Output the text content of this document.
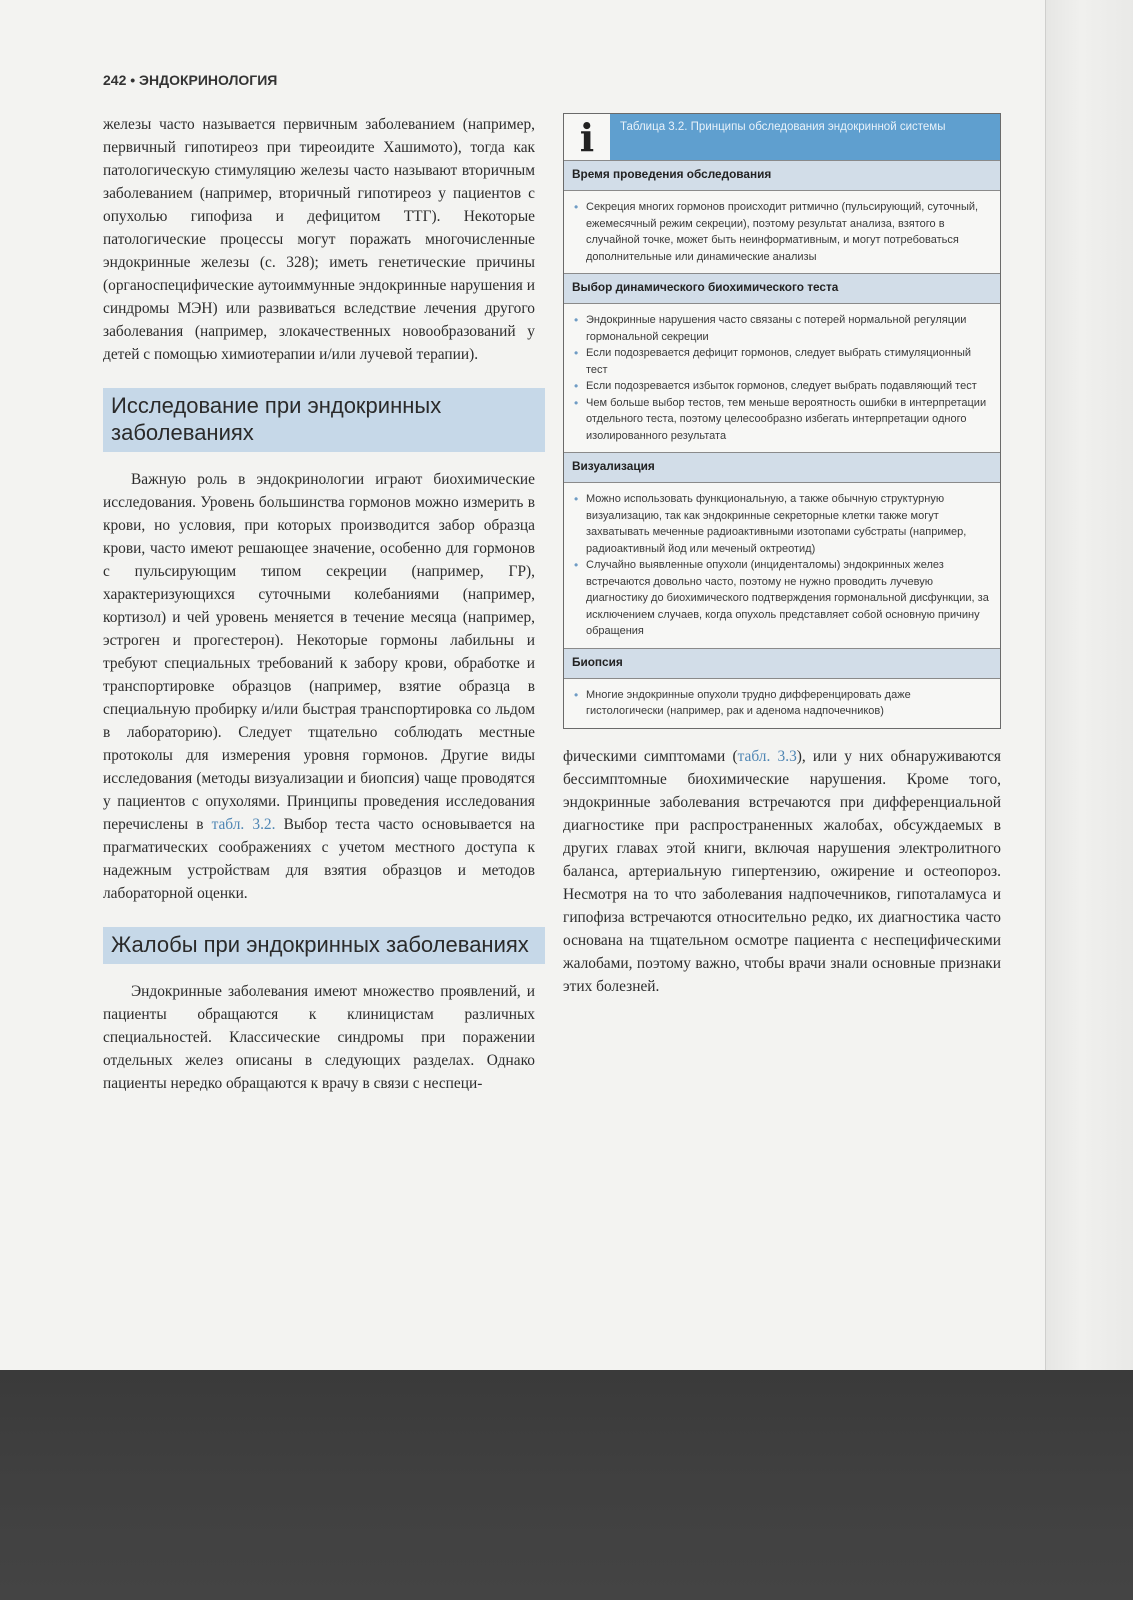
242 • ЭНДОКРИНОЛОГИЯ

железы часто называется первичным заболеванием (например, первичный гипотиреоз при тиреоидите Хашимото), тогда как патологическую стимуляцию железы часто называют вторичным заболеванием (например, вторичный гипотиреоз у пациентов с опухолью гипофиза и дефицитом ТТГ). Некоторые патологические процессы могут поражать многочисленные эндокринные железы (с. 328); иметь генетические причины (органоспецифические аутоиммунные эндокринные нарушения и синдромы МЭН) или развиваться вследствие лечения другого заболевания (например, злокачественных новообразований у детей с помощью химиотерапии и/или лучевой терапии).

Исследование при эндокринных заболеваниях

Важную роль в эндокринологии играют биохимические исследования. Уровень большинства гормонов можно измерить в крови, но условия, при которых производится забор образца крови, часто имеют решающее значение, особенно для гормонов с пульсирующим типом секреции (например, ГР), характеризующихся суточными колебаниями (например, кортизол) и чей уровень меняется в течение месяца (например, эстроген и прогестерон). Некоторые гормоны лабильны и требуют специальных требований к забору крови, обработке и транспортировке образцов (например, взятие образца в специальную пробирку и/или быстрая транспортировка со льдом в лабораторию). Следует тщательно соблюдать местные протоколы для измерения уровня гормонов. Другие виды исследования (методы визуализации и биопсия) чаще проводятся у пациентов с опухолями. Принципы проведения исследования перечислены в табл. 3.2. Выбор теста часто основывается на прагматических соображениях с учетом местного доступа к надежным устройствам для взятия образцов и методов лабораторной оценки.

Жалобы при эндокринных заболеваниях

Эндокринные заболевания имеют множество проявлений, и пациенты обращаются к клиницистам различных специальностей. Классические синдромы при поражении отдельных желез описаны в следующих разделах. Однако пациенты нередко обращаются к врачу в связи с неспеци-

i	Таблица 3.2. Принципы обследования эндокринной системы
Время проведения обследования
• Секреция многих гормонов происходит ритмично (пульсирующий, суточный, ежемесячный режим секреции), поэтому результат анализа, взятого в случайной точке, может быть неинформативным, и могут потребоваться дополнительные или динамические анализы
Выбор динамического биохимического теста
• Эндокринные нарушения часто связаны с потерей нормальной регуляции гормональной секреции
• Если подозревается дефицит гормонов, следует выбрать стимуляционный тест
• Если подозревается избыток гормонов, следует выбрать подавляющий тест
• Чем больше выбор тестов, тем меньше вероятность ошибки в интерпретации отдельного теста, поэтому целесообразно избегать интерпретации одного изолированного результата
Визуализация
• Можно использовать функциональную, а также обычную структурную визуализацию, так как эндокринные секреторные клетки также могут захватывать меченные радиоактивными изотопами субстраты (например, радиоактивный йод или меченый октреотид)
• Случайно выявленные опухоли (инциденталомы) эндокринных желез встречаются довольно часто, поэтому не нужно проводить лучевую диагностику до биохимического подтверждения гормональной дисфункции, за исключением случаев, когда опухоль представляет собой основную причину обращения
Биопсия
• Многие эндокринные опухоли трудно дифференцировать даже гистологически (например, рак и аденома надпочечников)

фическими симптомами (табл. 3.3), или у них обнаруживаются бессимптомные биохимические нарушения. Кроме того, эндокринные заболевания встречаются при дифференциальной диагностике при распространенных жалобах, обсуждаемых в других главах этой книги, включая нарушения электролитного баланса, артериальную гипертензию, ожирение и остеопороз. Несмотря на то что заболевания надпочечников, гипоталамуса и гипофиза встречаются относительно редко, их диагностика часто основана на тщательном осмотре пациента с неспецифическими жалобами, поэтому важно, чтобы врачи знали основные признаки этих болезней.
